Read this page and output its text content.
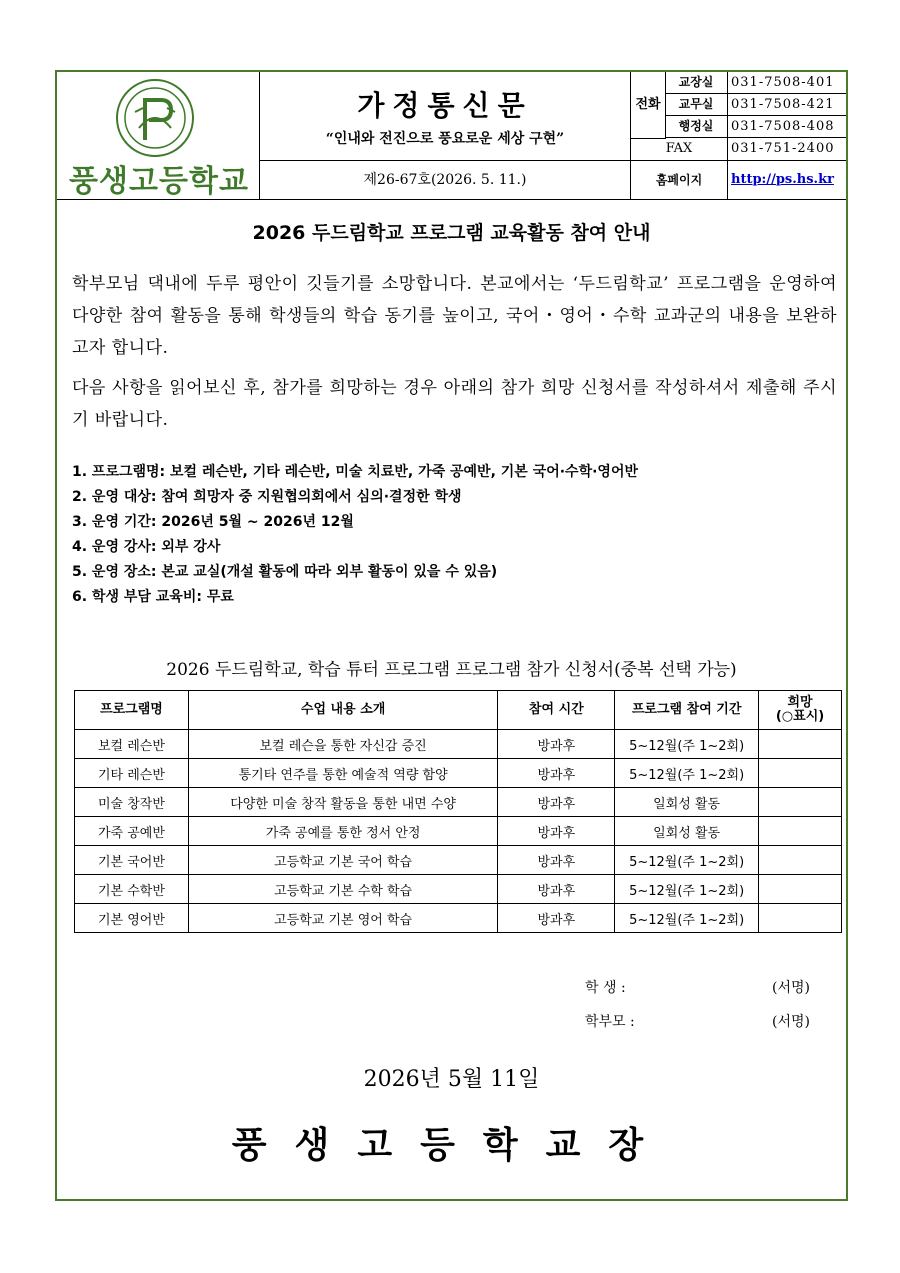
풍생고등학교
가정통신문
“인내와 전진으로 풍요로운 세상 구현”
제26-67호(2026. 5. 11.)
전화
교장실	031-7508-401
교무실	031-7508-421
행정실	031-7508-408
FAX	031-751-2400
홈페이지	http://ps.hs.kr
2026 두드림학교 프로그램 교육활동 참여 안내
학부모님 댁내에 두루 평안이 깃들기를 소망합니다. 본교에서는 ‘두드림학교’ 프로그램을 운영하여 다양한 참여 활동을 통해 학생들의 학습 동기를 높이고, 국어・영어・수학 교과군의 내용을 보완하고자 합니다.
다음 사항을 읽어보신 후, 참가를 희망하는 경우 아래의 참가 희망 신청서를 작성하셔서 제출해 주시기 바랍니다.
1. 프로그램명: 보컬 레슨반, 기타 레슨반, 미술 치료반, 가죽 공예반, 기본 국어·수학·영어반
2. 운영 대상: 참여 희망자 중 지원협의회에서 심의·결정한 학생
3. 운영 기간: 2026년 5월 ~ 2026년 12월
4. 운영 강사: 외부 강사
5. 운영 장소: 본교 교실(개설 활동에 따라 외부 활동이 있을 수 있음)
6. 학생 부담 교육비: 무료
2026 두드림학교, 학습 튜터 프로그램 프로그램 참가 신청서(중복 선택 가능)
프로그램명	수업 내용 소개	참여 시간	프로그램 참여 기간	희망
(○표시)
보컬 레슨반	보컬 레슨을 통한 자신감 증진	방과후	5~12월(주 1~2회)	
기타 레슨반	통기타 연주를 통한 예술적 역량 함양	방과후	5~12월(주 1~2회)	
미술 창작반	다양한 미술 창작 활동을 통한 내면 수양	방과후	일회성 활동	
가죽 공예반	가죽 공예를 통한 정서 안정	방과후	일회성 활동	
기본 국어반	고등학교 기본 국어 학습	방과후	5~12월(주 1~2회)	
기본 수학반	고등학교 기본 수학 학습	방과후	5~12월(주 1~2회)	
기본 영어반	고등학교 기본 영어 학습	방과후	5~12월(주 1~2회)	
학 생 :	(서명)
학부모 :	(서명)
2026년 5월 11일
풍생고등학교장
